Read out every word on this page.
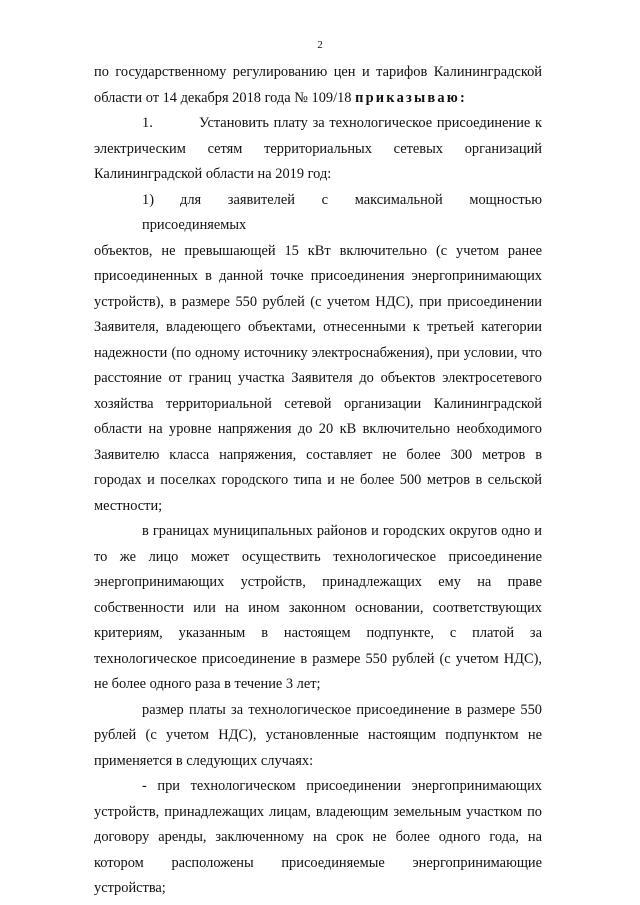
2
по государственному регулированию цен и тарифов Калининградской
области от 14 декабря 2018 года № 109/18 приказываю:
1.	Установить плату за технологическое присоединение к
электрическим сетям территориальных сетевых организаций
Калининградской области на 2019 год:
1) для заявителей с максимальной мощностью присоединяемых
объектов, не превышающей 15 кВт включительно (с учетом ранее присоединенных в данной точке присоединения энергопринимающих устройств), в размере 550 рублей (с учетом НДС), при присоединении Заявителя, владеющего объектами, отнесенными к третьей категории надежности (по одному источнику электроснабжения), при условии, что расстояние от границ участка Заявителя до объектов электросетевого хозяйства территориальной сетевой организации Калининградской области на уровне напряжения до 20 кВ включительно необходимого Заявителю класса напряжения, составляет не более 300 метров в городах и поселках городского типа и не более 500 метров в сельской местности;

в границах муниципальных районов и городских округов одно и то же лицо может осуществить технологическое присоединение энергопринимающих устройств, принадлежащих ему на праве собственности или на ином законном основании, соответствующих критериям, указанным в настоящем подпункте, с платой за технологическое присоединение в размере 550 рублей (с учетом НДС), не более одного раза в течение 3 лет;

размер платы за технологическое присоединение в размере 550 рублей (с учетом НДС), установленные настоящим подпунктом не применяется в следующих случаях:

- при технологическом присоединении энергопринимающих устройств, принадлежащих лицам, владеющим земельным участком по договору аренды, заключенному на срок не более одного года, на котором расположены присоединяемые энергопринимающие устройства;
